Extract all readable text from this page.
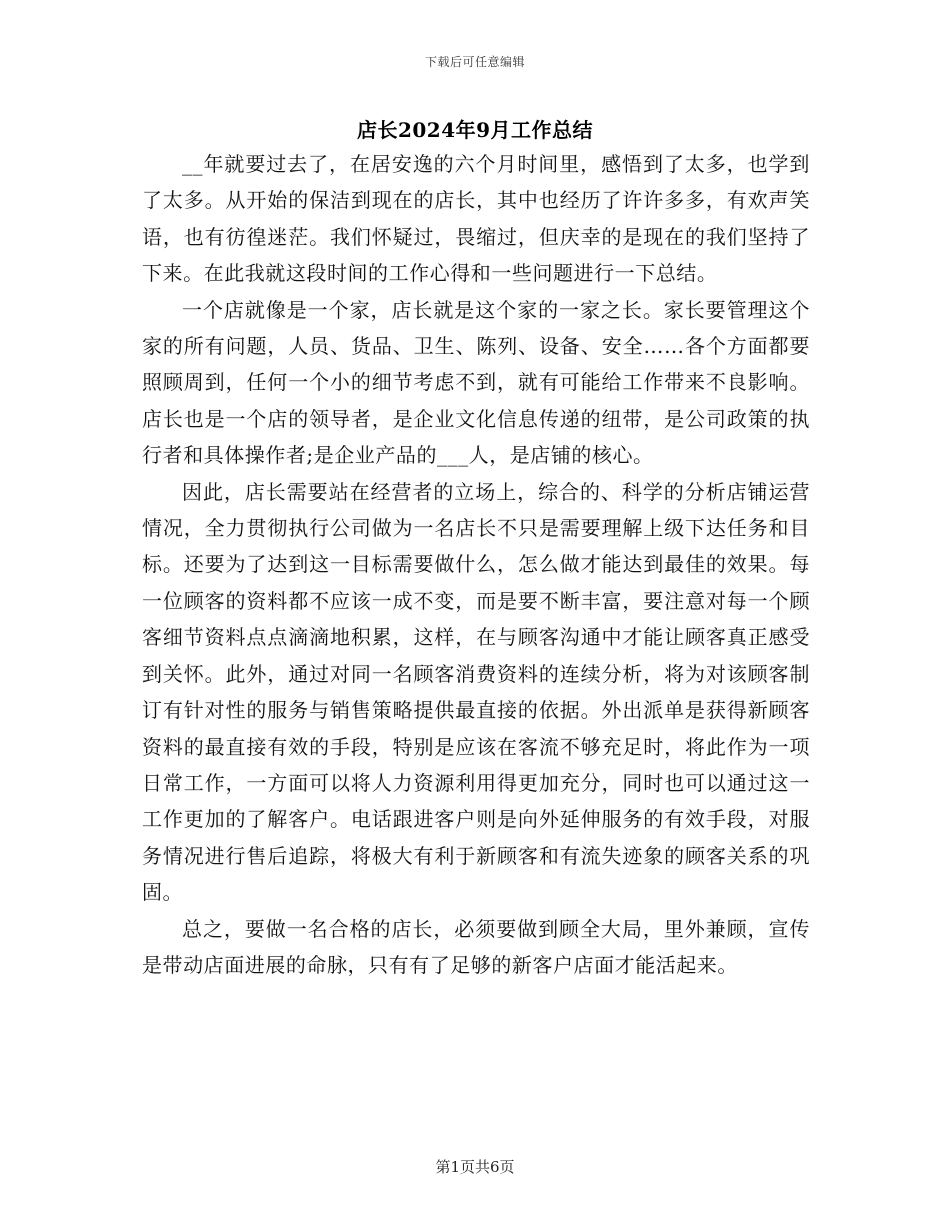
下载后可任意编辑
店长2024年9月工作总结

__年就要过去了，在居安逸的六个月时间里，感悟到了太多，也学到了太多。从开始的保洁到现在的店长，其中也经历了许许多多，有欢声笑语，也有彷徨迷茫。我们怀疑过，畏缩过，但庆幸的是现在的我们坚持了下来。在此我就这段时间的工作心得和一些问题进行一下总结。

一个店就像是一个家，店长就是这个家的一家之长。家长要管理这个家的所有问题，人员、货品、卫生、陈列、设备、安全……各个方面都要照顾周到，任何一个小的细节考虑不到，就有可能给工作带来不良影响。店长也是一个店的领导者，是企业文化信息传递的纽带，是公司政策的执行者和具体操作者;是企业产品的___人，是店铺的核心。

因此，店长需要站在经营者的立场上，综合的、科学的分析店铺运营情况，全力贯彻执行公司做为一名店长不只是需要理解上级下达任务和目标。还要为了达到这一目标需要做什么，怎么做才能达到最佳的效果。每一位顾客的资料都不应该一成不变，而是要不断丰富，要注意对每一个顾客细节资料点点滴滴地积累，这样，在与顾客沟通中才能让顾客真正感受到关怀。此外，通过对同一名顾客消费资料的连续分析，将为对该顾客制订有针对性的服务与销售策略提供最直接的依据。外出派单是获得新顾客资料的最直接有效的手段，特别是应该在客流不够充足时，将此作为一项日常工作，一方面可以将人力资源利用得更加充分，同时也可以通过这一工作更加的了解客户。电话跟进客户则是向外延伸服务的有效手段，对服务情况进行售后追踪，将极大有利于新顾客和有流失迹象的顾客关系的巩固。

总之，要做一名合格的店长，必须要做到顾全大局，里外兼顾，宣传是带动店面进展的命脉，只有有了足够的新客户店面才能活起来。

第1页共6页
